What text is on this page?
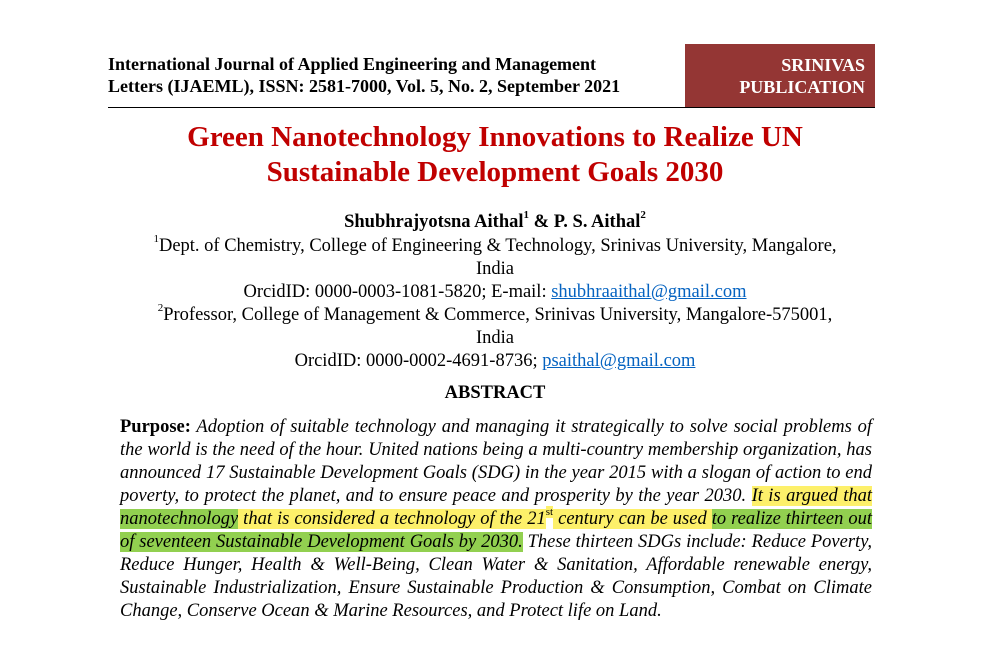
International Journal of Applied Engineering and Management
Letters (IJAEML), ISSN: 2581-7000, Vol. 5, No. 2, September 2021
SRINIVAS
PUBLICATION
Green Nanotechnology Innovations to Realize UN
Sustainable Development Goals 2030
Shubhrajyotsna Aithal$^1$ & P. S. Aithal$^2$
$^1$Dept. of Chemistry, College of Engineering & Technology, Srinivas University, Mangalore,
India
OrcidID: 0000-0003-1081-5820; E-mail: shubhraaithal@gmail.com
$^2$Professor, College of Management & Commerce, Srinivas University, Mangalore-575001,
India
OrcidID: 0000-0002-4691-8736; psaithal@gmail.com
ABSTRACT
Purpose: Adoption of suitable technology and managing it strategically to solve social problems of the world is the need of the hour. United nations being a multi-country membership organization, has announced 17 Sustainable Development Goals (SDG) in the year 2015 with a slogan of action to end poverty, to protect the planet, and to ensure peace and prosperity by the year 2030. It is argued that nanotechnology that is considered a technology of the 21st century can be used to realize thirteen out of seventeen Sustainable Development Goals by 2030. These thirteen SDGs include: Reduce Poverty, Reduce Hunger, Health & Well-Being, Clean Water & Sanitation, Affordable renewable energy, Sustainable Industrialization, Ensure Sustainable Production & Consumption, Combat on Climate Change, Conserve Ocean & Marine Resources, and Protect life on Land.
